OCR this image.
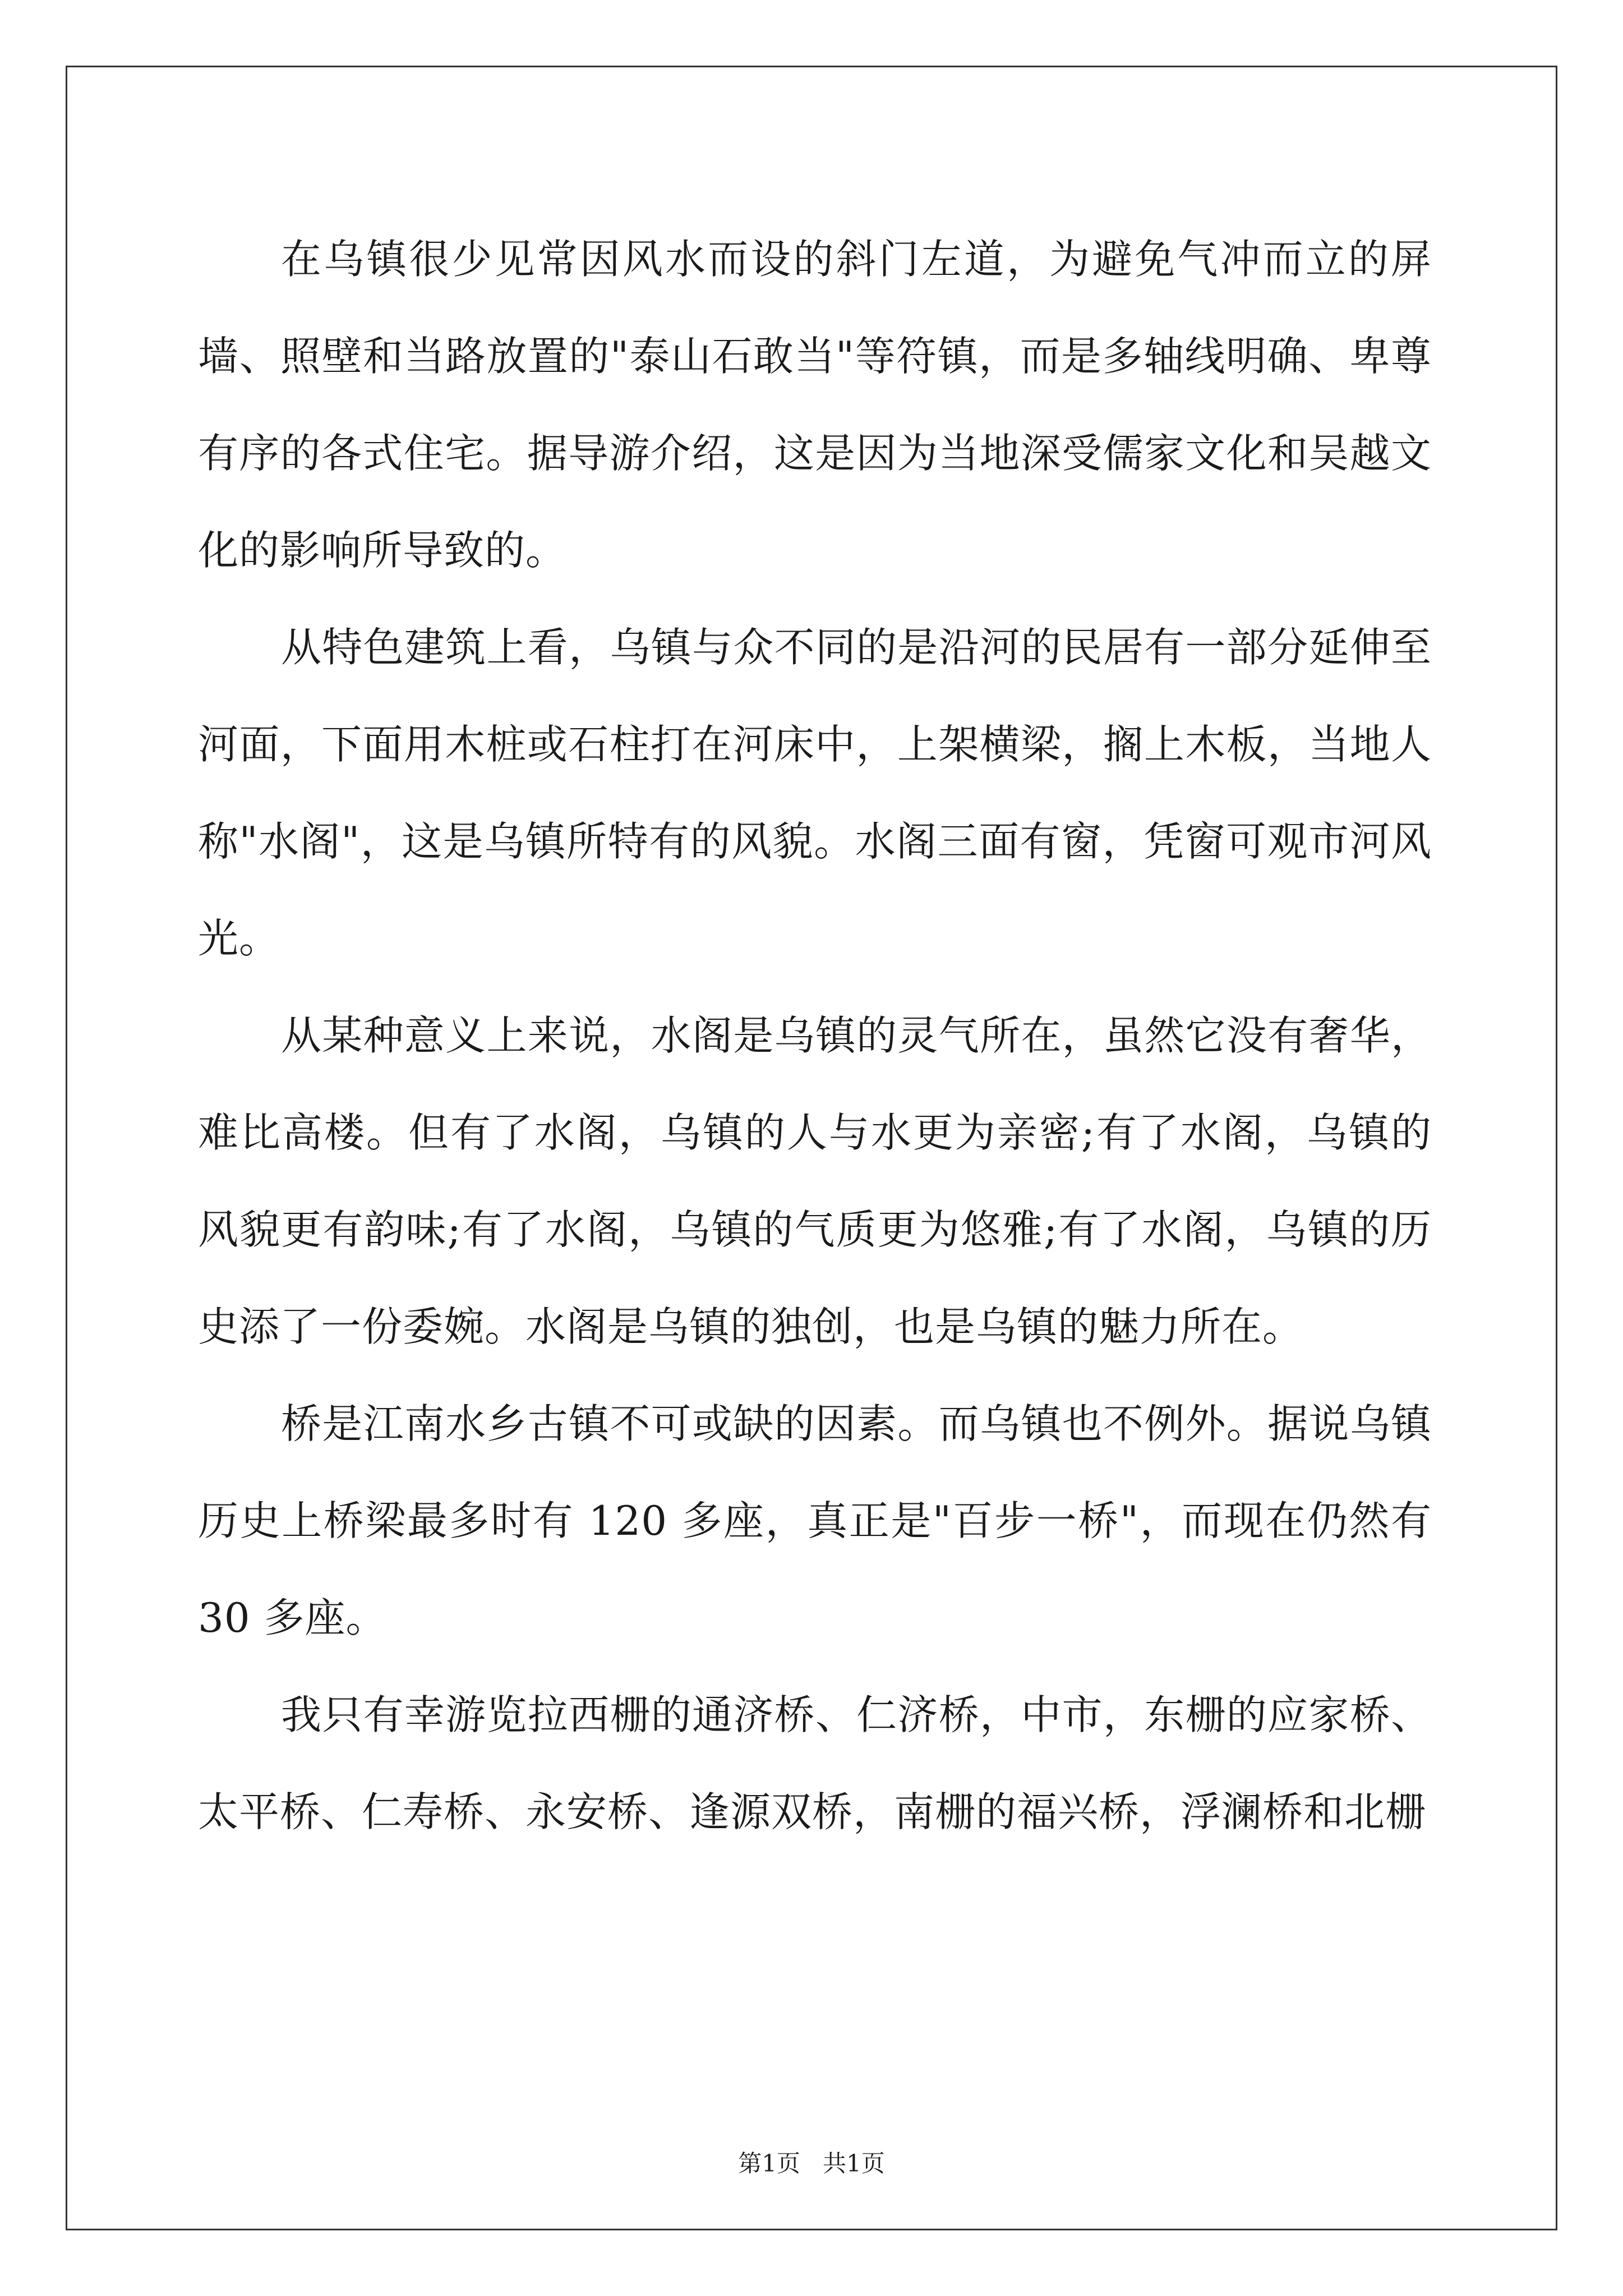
在乌镇很少见常因风水而设的斜门左道，为避免气冲而立的屏墙、照壁和当路放置的"泰山石敢当"等符镇，而是多轴线明确、卑尊有序的各式住宅。据导游介绍，这是因为当地深受儒家文化和吴越文化的影响所导致的。

从特色建筑上看，乌镇与众不同的是沿河的民居有一部分延伸至河面，下面用木桩或石柱打在河床中，上架横梁，搁上木板，当地人称"水阁"，这是乌镇所特有的风貌。水阁三面有窗，凭窗可观市河风光。

从某种意义上来说，水阁是乌镇的灵气所在，虽然它没有奢华，难比高楼。但有了水阁，乌镇的人与水更为亲密;有了水阁，乌镇的风貌更有韵味;有了水阁，乌镇的气质更为悠雅;有了水阁，乌镇的历史添了一份委婉。水阁是乌镇的独创，也是乌镇的魅力所在。

桥是江南水乡古镇不可或缺的因素。而乌镇也不例外。据说乌镇历史上桥梁最多时有 120 多座，真正是"百步一桥"，而现在仍然有 30 多座。

我只有幸游览拉西栅的通济桥、仁济桥，中市，东栅的应家桥、太平桥、仁寿桥、永安桥、逢源双桥，南栅的福兴桥，浮澜桥和北栅

第1页   共1页
